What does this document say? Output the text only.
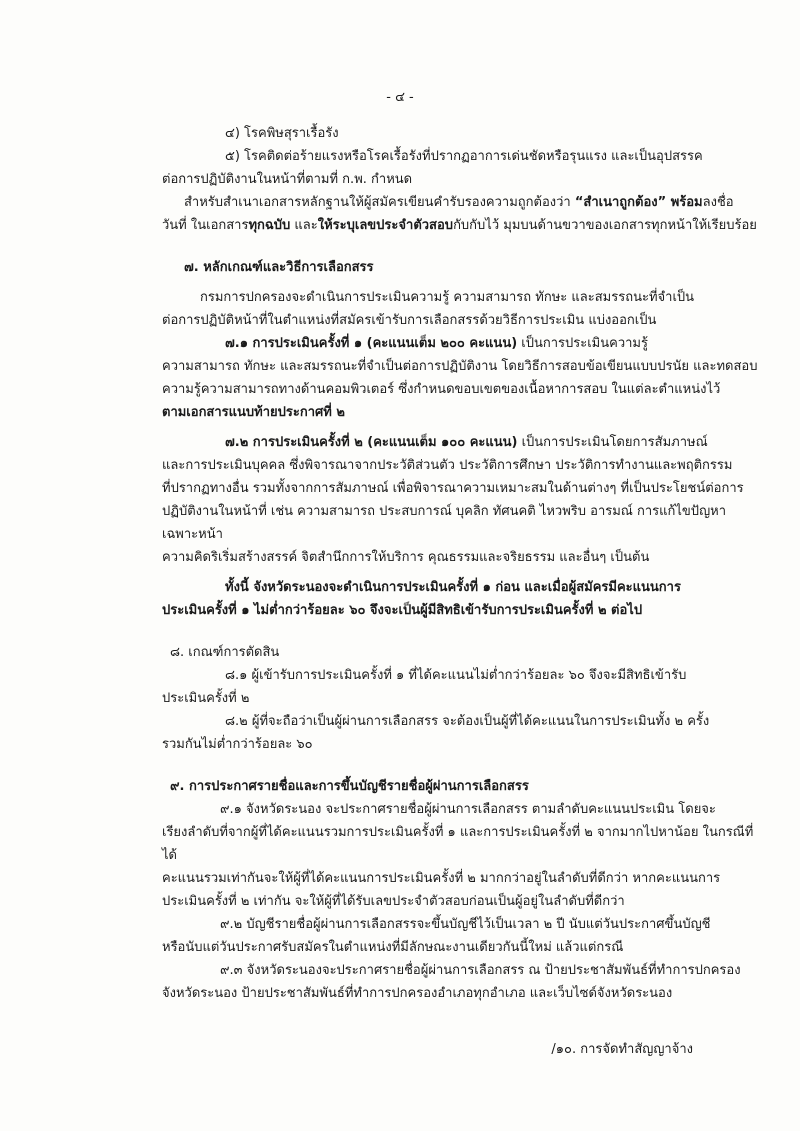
- ๔ -
๔) โรคพิษสุราเรื้อรัง
๕) โรคติดต่อร้ายแรงหรือโรคเรื้อรังที่ปรากฏอาการเด่นชัดหรือรุนแรง และเป็นอุปสรรค
ต่อการปฏิบัติงานในหน้าที่ตามที่ ก.พ. กำหนด
สำหรับสำเนาเอกสารหลักฐานให้ผู้สมัครเขียนคำรับรองความถูกต้องว่า “สำเนาถูกต้อง” พร้อมลงชื่อ
วันที่ ในเอกสารทุกฉบับ และให้ระบุเลขประจำตัวสอบกับกับไว้ มุมบนด้านขวาของเอกสารทุกหน้าให้เรียบร้อย
๗. หลักเกณฑ์และวิธีการเลือกสรร
กรมการปกครองจะดำเนินการประเมินความรู้ ความสามารถ ทักษะ และสมรรถนะที่จำเป็น
ต่อการปฏิบัติหน้าที่ในตำแหน่งที่สมัครเข้ารับการเลือกสรรด้วยวิธีการประเมิน แบ่งออกเป็น
๗.๑ การประเมินครั้งที่ ๑ (คะแนนเต็ม ๒๐๐ คะแนน) เป็นการประเมินความรู้
ความสามารถ ทักษะ และสมรรถนะที่จำเป็นต่อการปฏิบัติงาน โดยวิธีการสอบข้อเขียนแบบปรนัย และทดสอบ
ความรู้ความสามารถทางด้านคอมพิวเตอร์ ซึ่งกำหนดขอบเขตของเนื้อหาการสอบ ในแต่ละตำแหน่งไว้
ตามเอกสารแนบท้ายประกาศที่ ๒
๗.๒ การประเมินครั้งที่ ๒ (คะแนนเต็ม ๑๐๐ คะแนน) เป็นการประเมินโดยการสัมภาษณ์
และการประเมินบุคคล ซึ่งพิจารณาจากประวัติส่วนตัว ประวัติการศึกษา ประวัติการทำงานและพฤติกรรม
ที่ปรากฏทางอื่น รวมทั้งจากการสัมภาษณ์ เพื่อพิจารณาความเหมาะสมในด้านต่างๆ ที่เป็นประโยชน์ต่อการ
ปฏิบัติงานในหน้าที่ เช่น ความสามารถ ประสบการณ์ บุคลิก ทัศนคติ ไหวพริบ อารมณ์ การแก้ไขปัญหาเฉพาะหน้า
ความคิดริเริ่มสร้างสรรค์ จิตสำนึกการให้บริการ คุณธรรมและจริยธรรม และอื่นๆ เป็นต้น
ทั้งนี้ จังหวัดระนองจะดำเนินการประเมินครั้งที่ ๑ ก่อน และเมื่อผู้สมัครมีคะแนนการ
ประเมินครั้งที่ ๑ ไม่ต่ำกว่าร้อยละ ๖๐ จึงจะเป็นผู้มีสิทธิเข้ารับการประเมินครั้งที่ ๒ ต่อไป
๘. เกณฑ์การตัดสิน
๘.๑ ผู้เข้ารับการประเมินครั้งที่ ๑ ที่ได้คะแนนไม่ต่ำกว่าร้อยละ ๖๐ จึงจะมีสิทธิเข้ารับ
ประเมินครั้งที่ ๒
๘.๒ ผู้ที่จะถือว่าเป็นผู้ผ่านการเลือกสรร จะต้องเป็นผู้ที่ได้คะแนนในการประเมินทั้ง ๒ ครั้ง
รวมกันไม่ต่ำกว่าร้อยละ ๖๐
๙. การประกาศรายชื่อและการขึ้นบัญชีรายชื่อผู้ผ่านการเลือกสรร
๙.๑ จังหวัดระนอง จะประกาศรายชื่อผู้ผ่านการเลือกสรร ตามลำดับคะแนนประเมิน โดยจะ
เรียงลำดับที่จากผู้ที่ได้คะแนนรวมการประเมินครั้งที่ ๑ และการประเมินครั้งที่ ๒ จากมากไปหาน้อย ในกรณีที่ได้
คะแนนรวมเท่ากันจะให้ผู้ที่ได้คะแนนการประเมินครั้งที่ ๒ มากกว่าอยู่ในลำดับที่ดีกว่า หากคะแนนการ
ประเมินครั้งที่ ๒ เท่ากัน จะให้ผู้ที่ได้รับเลขประจำตัวสอบก่อนเป็นผู้อยู่ในลำดับที่ดีกว่า
๙.๒ บัญชีรายชื่อผู้ผ่านการเลือกสรรจะขึ้นบัญชีไว้เป็นเวลา ๒ ปี นับแต่วันประกาศขึ้นบัญชี
หรือนับแต่วันประกาศรับสมัครในตำแหน่งที่มีลักษณะงานเดียวกันนี้ใหม่ แล้วแต่กรณี
๙.๓ จังหวัดระนองจะประกาศรายชื่อผู้ผ่านการเลือกสรร ณ ป้ายประชาสัมพันธ์ที่ทำการปกครอง
จังหวัดระนอง ป้ายประชาสัมพันธ์ที่ทำการปกครองอำเภอทุกอำเภอ และเว็บไซด์จังหวัดระนอง
/๑๐. การจัดทำสัญญาจ้าง
